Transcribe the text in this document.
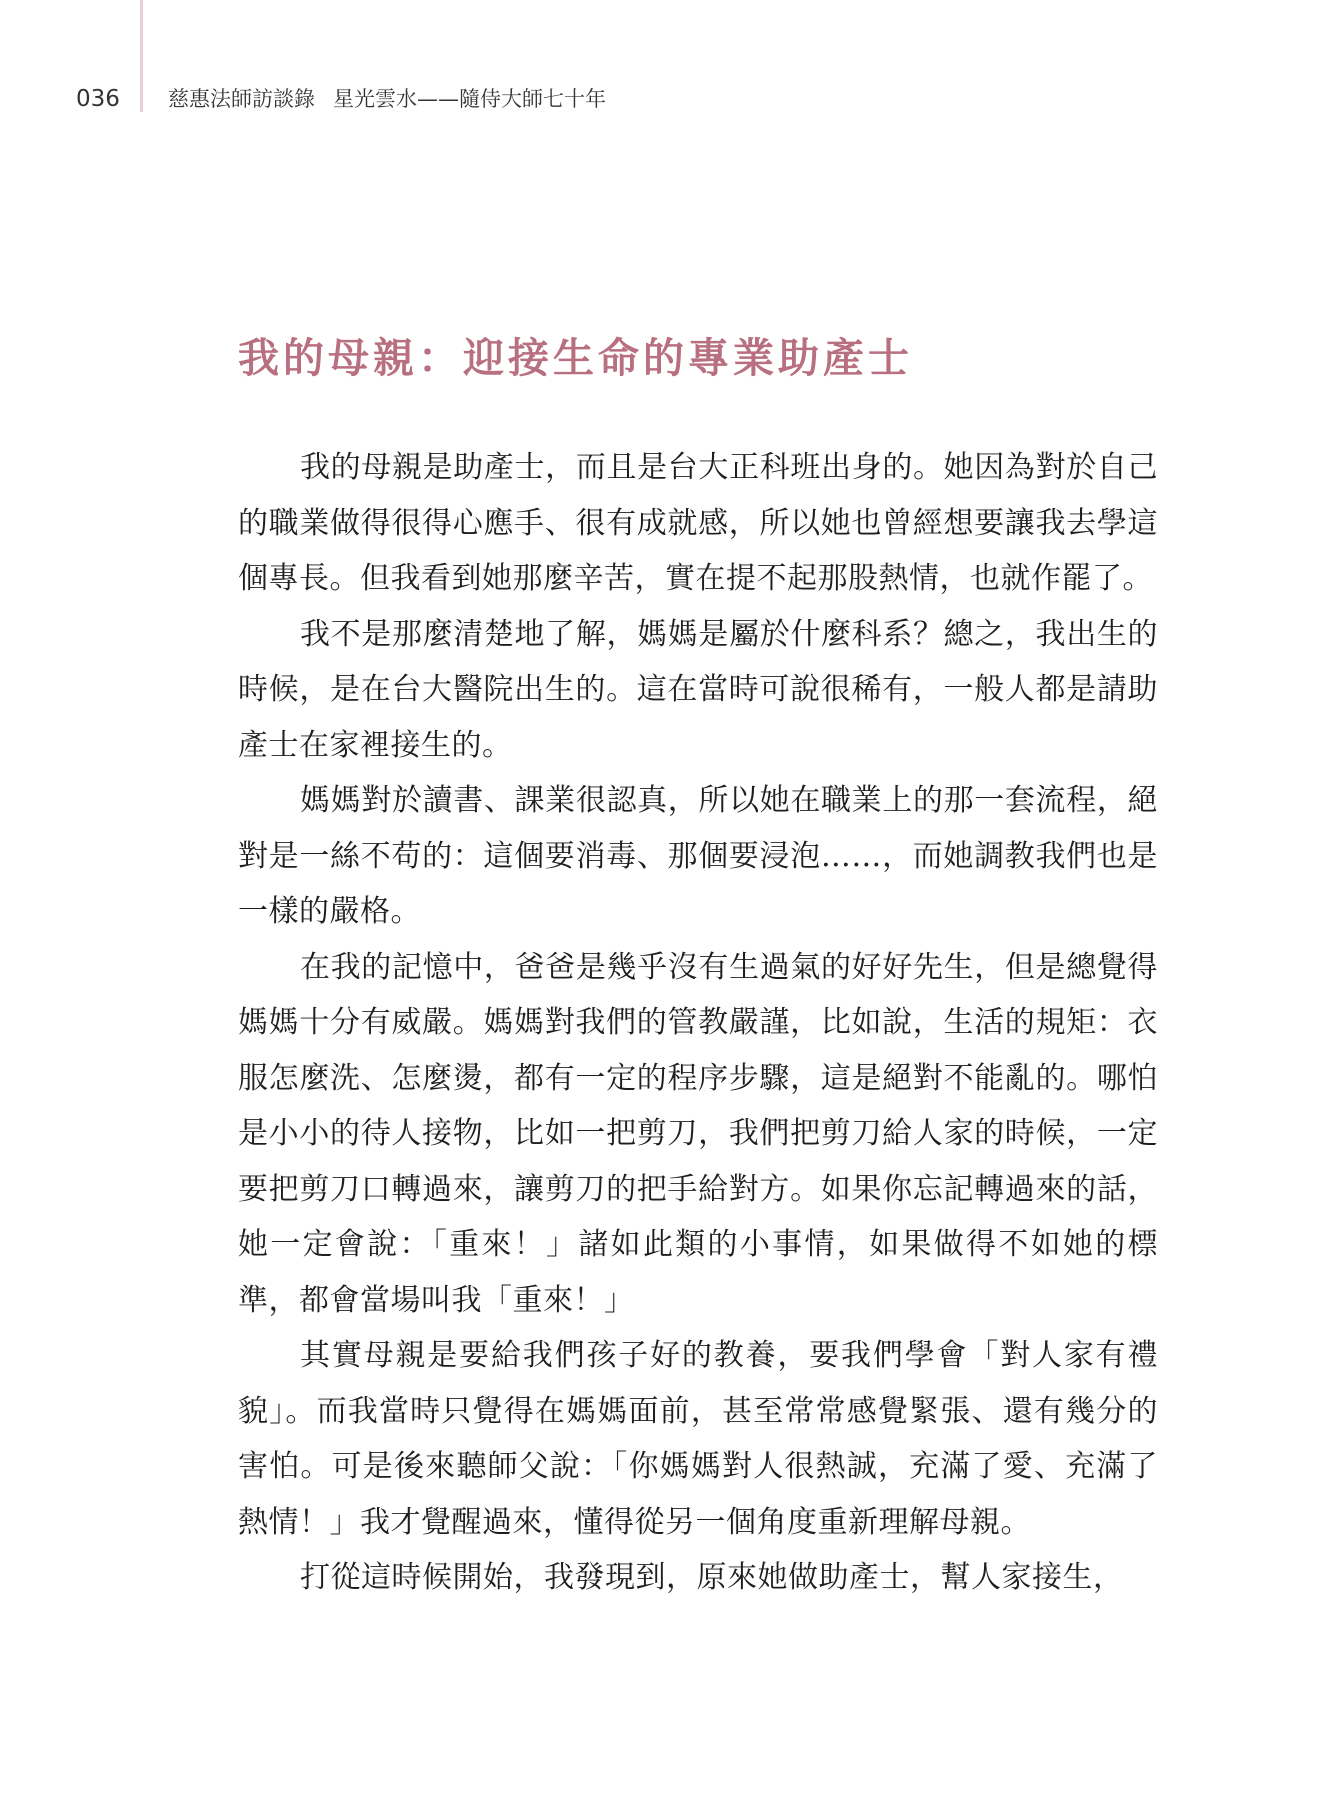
036 慈惠法師訪談錄 星光雲水——隨侍大師七十年
我的母親：迎接生命的專業助產士

我的母親是助產士，而且是台大正科班出身的。她因為對於自己的職業做得很得心應手、很有成就感，所以她也曾經想要讓我去學這個專長。但我看到她那麼辛苦，實在提不起那股熱情，也就作罷了。

我不是那麼清楚地了解，媽媽是屬於什麼科系？總之，我出生的時候，是在台大醫院出生的。這在當時可說很稀有，一般人都是請助產士在家裡接生的。

媽媽對於讀書、課業很認真，所以她在職業上的那一套流程，絕對是一絲不苟的：這個要消毒、那個要浸泡……，而她調教我們也是一樣的嚴格。

在我的記憶中，爸爸是幾乎沒有生過氣的好好先生，但是總覺得媽媽十分有威嚴。媽媽對我們的管教嚴謹，比如說，生活的規矩：衣服怎麼洗、怎麼燙，都有一定的程序步驟，這是絕對不能亂的。哪怕是小小的待人接物，比如一把剪刀，我們把剪刀給人家的時候，一定要把剪刀口轉過來，讓剪刀的把手給對方。如果你忘記轉過來的話，她一定會說：「重來！」諸如此類的小事情，如果做得不如她的標準，都會當場叫我「重來！」

其實母親是要給我們孩子好的教養，要我們學會「對人家有禮貌」。而我當時只覺得在媽媽面前，甚至常常感覺緊張、還有幾分的害怕。可是後來聽師父說：「你媽媽對人很熱誠，充滿了愛、充滿了熱情！」我才覺醒過來，懂得從另一個角度重新理解母親。

打從這時候開始，我發現到，原來她做助產士，幫人家接生，
